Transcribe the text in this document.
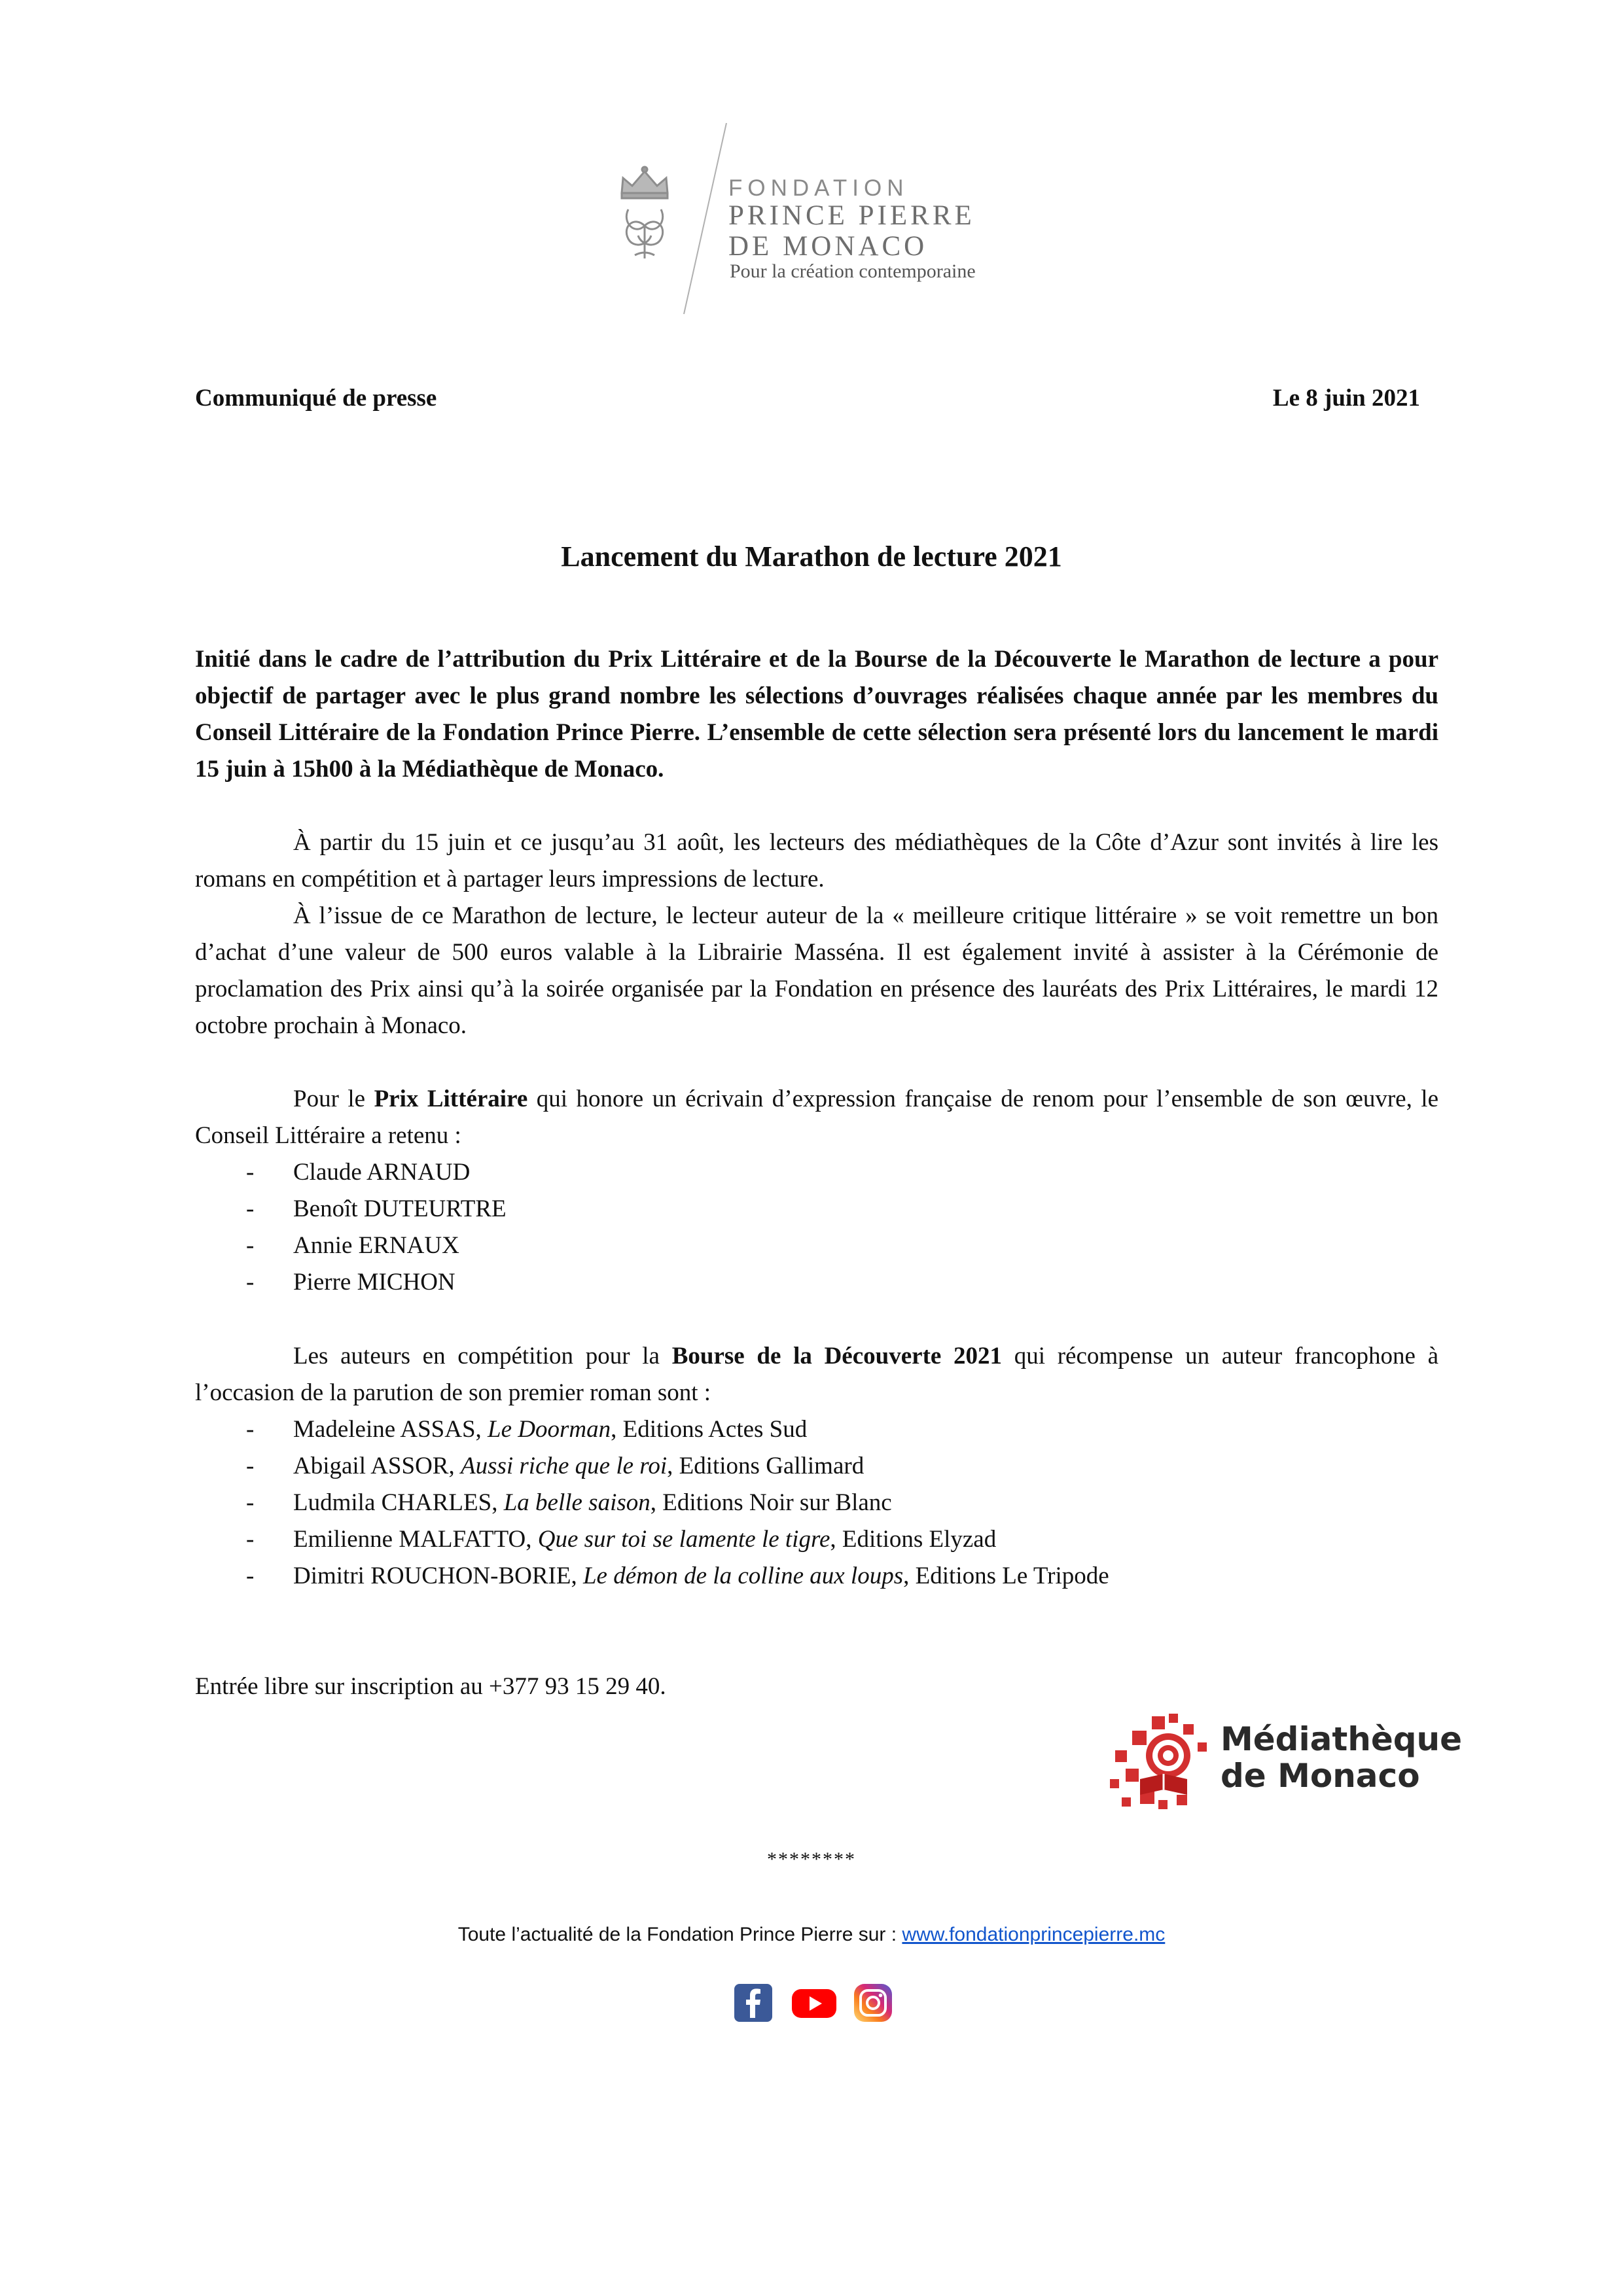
FONDATION
PRINCE PIERRE
DE MONACO
Pour la création contemporaine
Communiqué de presse	Le 8 juin 2021
Lancement du Marathon de lecture 2021

Initié dans le cadre de l’attribution du Prix Littéraire et de la Bourse de la Découverte le Marathon de lecture a pour objectif de partager avec le plus grand nombre les sélections d’ouvrages réalisées chaque année par les membres du Conseil Littéraire de la Fondation Prince Pierre. L’ensemble de cette sélection sera présenté lors du lancement le mardi 15 juin à 15h00 à la Médiathèque de Monaco.

À partir du 15 juin et ce jusqu’au 31 août, les lecteurs des médiathèques de la Côte d’Azur sont invités à lire les romans en compétition et à partager leurs impressions de lecture.

À l’issue de ce Marathon de lecture, le lecteur auteur de la « meilleure critique littéraire » se voit remettre un bon d’achat d’une valeur de 500 euros valable à la Librairie Masséna. Il est également invité à assister à la Cérémonie de proclamation des Prix ainsi qu’à la soirée organisée par la Fondation en présence des lauréats des Prix Littéraires, le mardi 12 octobre prochain à Monaco.

Pour le Prix Littéraire qui honore un écrivain d’expression française de renom pour l’ensemble de son œuvre, le Conseil Littéraire a retenu :

- Claude ARNAUD
- Benoît DUTEURTRE
- Annie ERNAUX
- Pierre MICHON

Les auteurs en compétition pour la Bourse de la Découverte 2021 qui récompense un auteur francophone à l’occasion de la parution de son premier roman sont :

- Madeleine ASSAS, Le Doorman, Editions Actes Sud
- Abigail ASSOR, Aussi riche que le roi, Editions Gallimard
- Ludmila CHARLES, La belle saison, Editions Noir sur Blanc
- Emilienne MALFATTO, Que sur toi se lamente le tigre, Editions Elyzad
- Dimitri ROUCHON-BORIE, Le démon de la colline aux loups, Editions Le Tripode

Entrée libre sur inscription au +377 93 15 29 40.

Médiathèque
de Monaco
********
Toute l’actualité de la Fondation Prince Pierre sur : www.fondationprincepierre.mc
